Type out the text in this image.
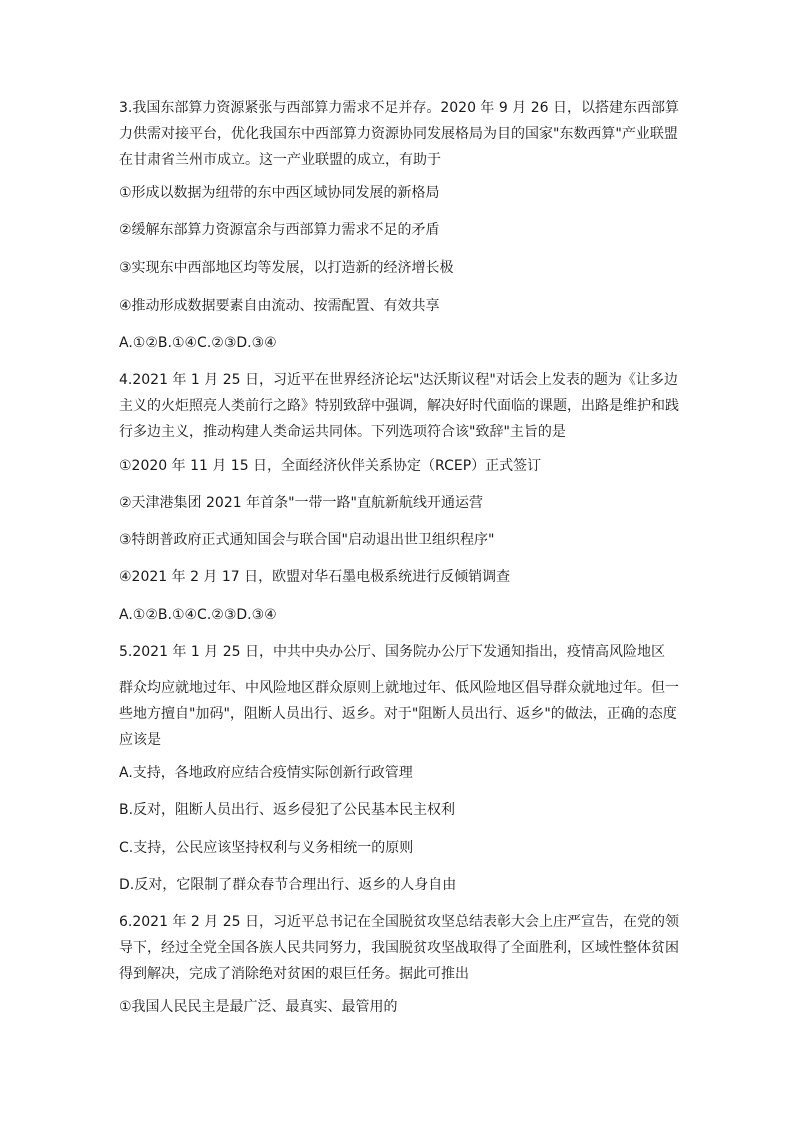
3.我国东部算力资源紧张与西部算力需求不足并存。2020 年 9 月 26 日，以搭建东西部算力供需对接平台，优化我国东中西部算力资源协同发展格局为目的国家"东数西算"产业联盟在甘肃省兰州市成立。这一产业联盟的成立，有助于

①形成以数据为纽带的东中西区域协同发展的新格局

②缓解东部算力资源富余与西部算力需求不足的矛盾

③实现东中西部地区均等发展，以打造新的经济增长极

④推动形成数据要素自由流动、按需配置、有效共享

A.①②B.①④C.②③D.③④

4.2021 年 1 月 25 日，习近平在世界经济论坛"达沃斯议程"对话会上发表的题为《让多边主义的火炬照亮人类前行之路》特别致辞中强调，解决好时代面临的课题，出路是维护和践行多边主义，推动构建人类命运共同体。下列选项符合该"致辞"主旨的是

①2020 年 11 月 15 日，全面经济伙伴关系协定（RCEP）正式签订

②天津港集团 2021 年首条"一带一路"直航新航线开通运营

③特朗普政府正式通知国会与联合国"启动退出世卫组织程序"

④2021 年 2 月 17 日，欧盟对华石墨电极系统进行反倾销调查

A.①②B.①④C.②③D.③④

5.2021 年 1 月 25 日，中共中央办公厅、国务院办公厅下发通知指出，疫情高风险地区

群众均应就地过年、中风险地区群众原则上就地过年、低风险地区倡导群众就地过年。但一些地方擅自"加码"，阻断人员出行、返乡。对于"阻断人员出行、返乡"的做法，正确的态度应该是

A.支持，各地政府应结合疫情实际创新行政管理

B.反对，阻断人员出行、返乡侵犯了公民基本民主权利

C.支持，公民应该坚持权利与义务相统一的原则

D.反对，它限制了群众春节合理出行、返乡的人身自由

6.2021 年 2 月 25 日，习近平总书记在全国脱贫攻坚总结表彰大会上庄严宣告，在党的领导下，经过全党全国各族人民共同努力，我国脱贫攻坚战取得了全面胜利，区域性整体贫困得到解决，完成了消除绝对贫困的艰巨任务。据此可推出

①我国人民民主是最广泛、最真实、最管用的
